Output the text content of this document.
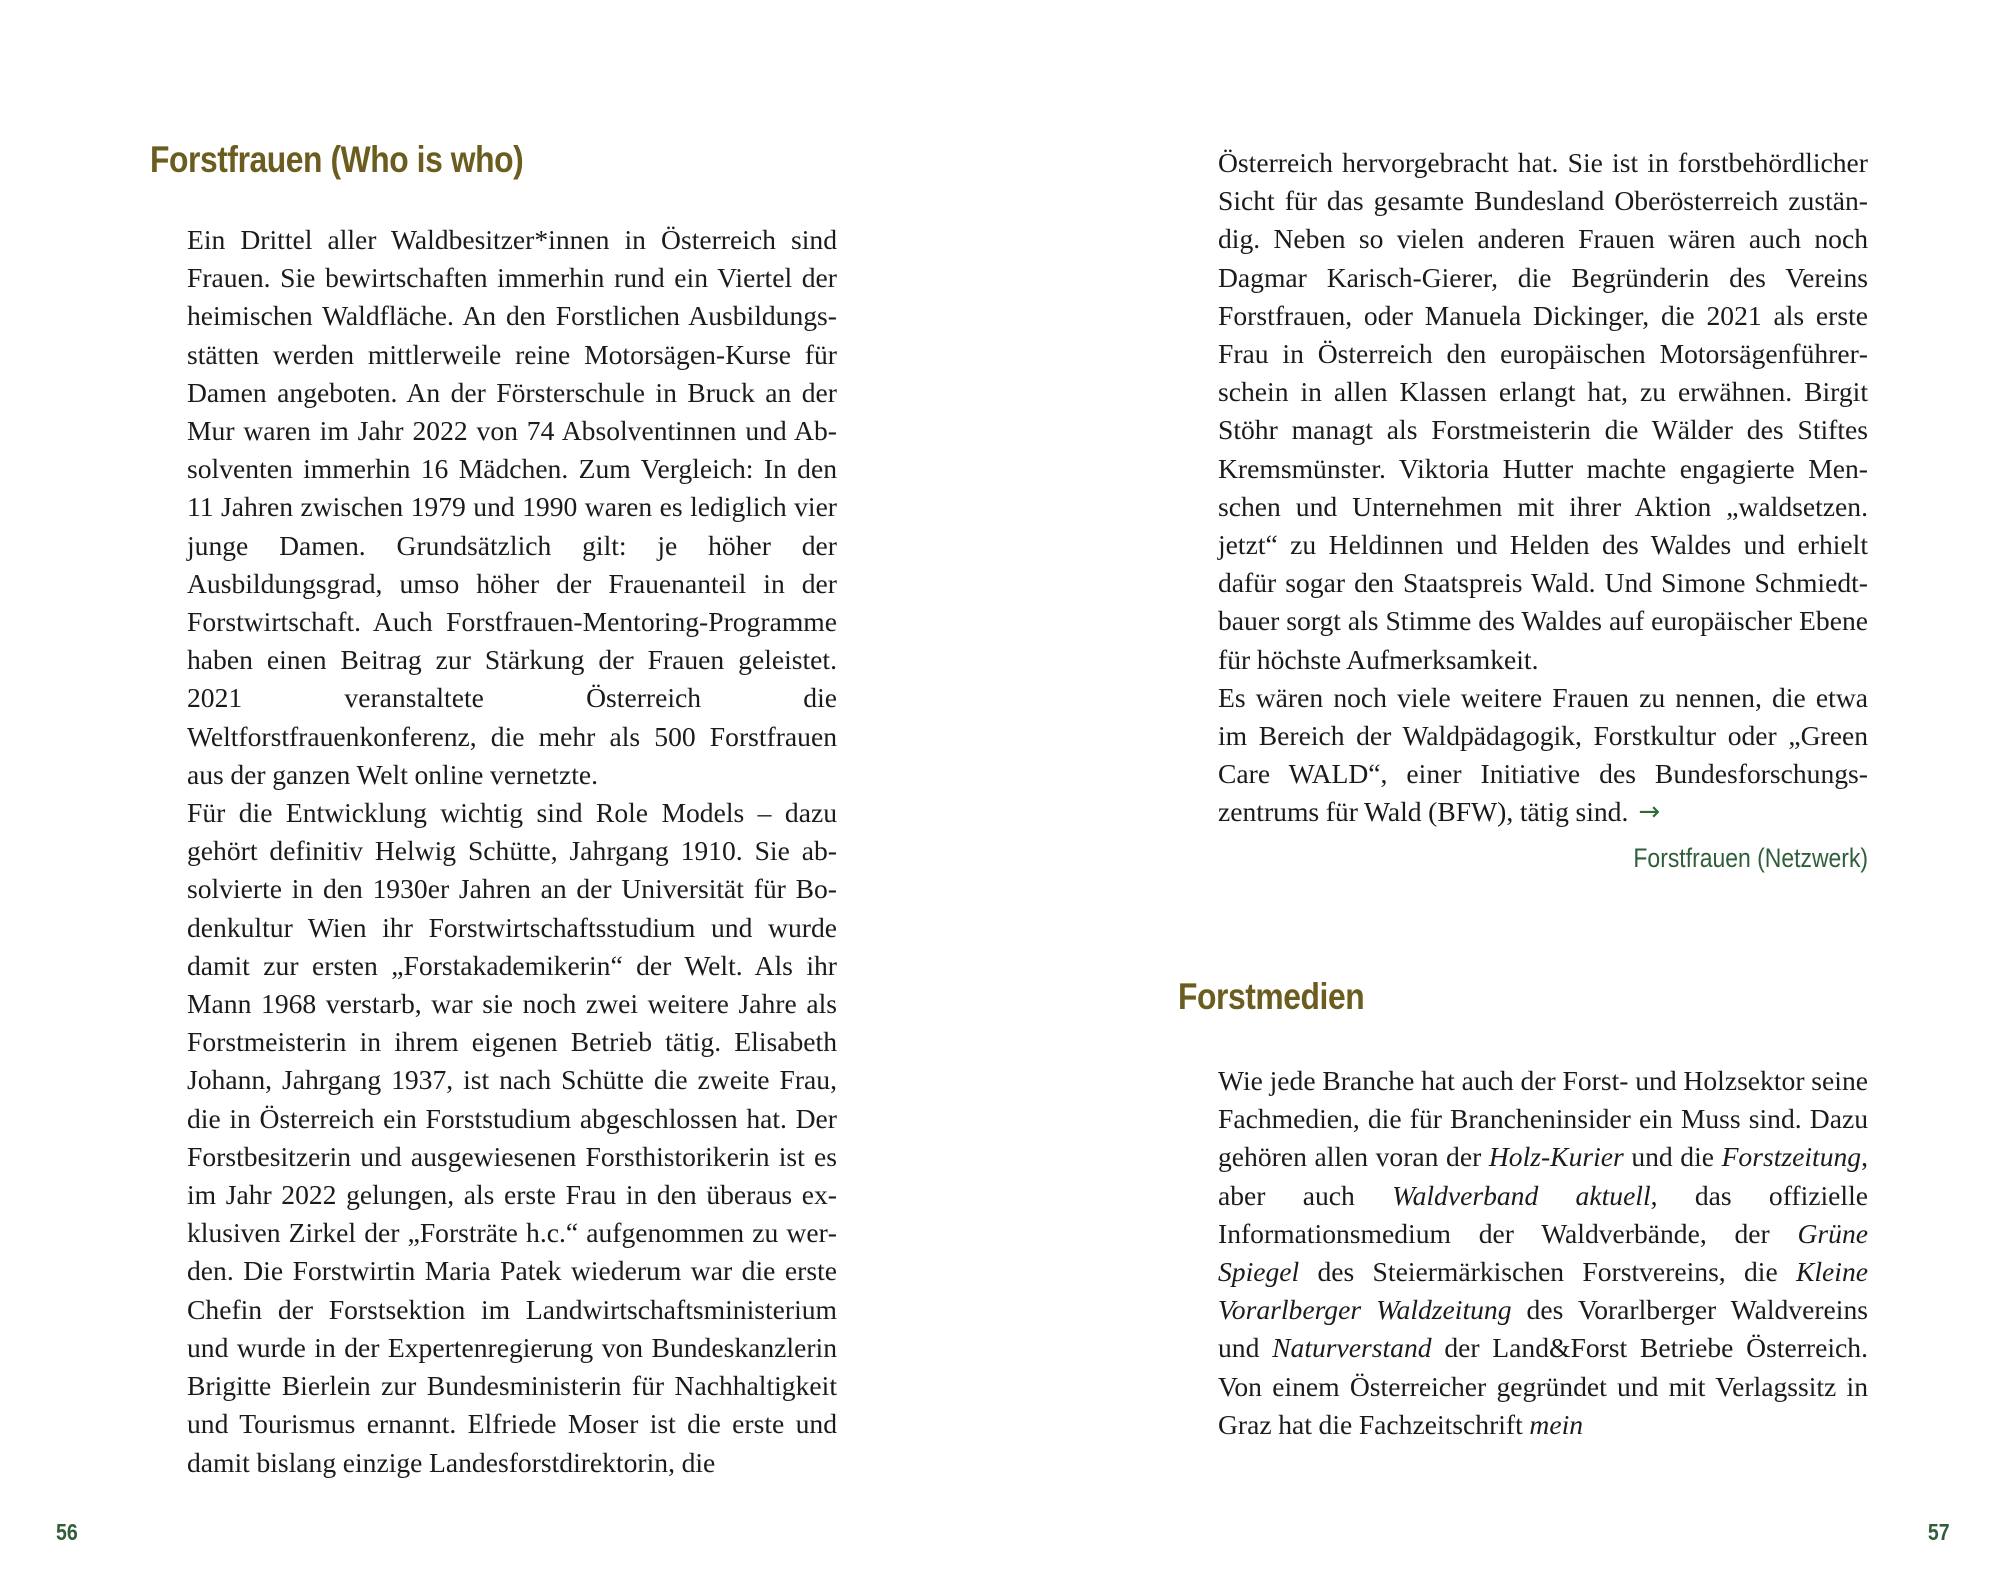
Forstfrauen (Who is who)

Ein Drittel aller Waldbesitzer*innen in Österreich sind Frauen. Sie bewirtschaften immerhin rund ein Viertel der heimischen Waldfläche. An den Forstlichen Ausbildungsstätten werden mittlerweile reine Motorsägen-Kurse für Damen angeboten. An der Försterschule in Bruck an der Mur waren im Jahr 2022 von 74 Absolventinnen und Absolventen immerhin 16 Mädchen. Zum Vergleich: In den 11 Jahren zwischen 1979 und 1990 waren es lediglich vier junge Damen. Grundsätzlich gilt: je höher der Ausbildungsgrad, umso höher der Frauenanteil in der Forstwirtschaft. Auch Forstfrauen-Mentoring-Programme haben einen Beitrag zur Stärkung der Frauen geleistet. 2021 veranstaltete Österreich die Weltforstfrauenkonferenz, die mehr als 500 Forstfrauen aus der ganzen Welt online vernetzte.

Für die Entwicklung wichtig sind Role Models – dazu gehört definitiv Helwig Schütte, Jahrgang 1910. Sie absolvierte in den 1930er Jahren an der Universität für Bodenkultur Wien ihr Forstwirtschaftsstudium und wurde damit zur ersten „Forstakademikerin“ der Welt. Als ihr Mann 1968 verstarb, war sie noch zwei weitere Jahre als Forstmeisterin in ihrem eigenen Betrieb tätig. Elisabeth Johann, Jahrgang 1937, ist nach Schütte die zweite Frau, die in Österreich ein Forststudium abgeschlossen hat. Der Forstbesitzerin und ausgewiesenen Forsthistorikerin ist es im Jahr 2022 gelungen, als erste Frau in den überaus exklusiven Zirkel der „Forsträte h.c.“ aufgenommen zu werden. Die Forstwirtin Maria Patek wiederum war die erste Chefin der Forstsektion im Landwirtschaftsministerium und wurde in der Expertenregierung von Bundeskanzlerin Brigitte Bierlein zur Bundesministerin für Nachhaltigkeit und Tourismus ernannt. Elfriede Moser ist die erste und damit bislang einzige Landesforstdirektorin, die

56

Österreich hervorgebracht hat. Sie ist in forstbehördlicher Sicht für das gesamte Bundesland Oberösterreich zuständig. Neben so vielen anderen Frauen wären auch noch Dagmar Karisch-Gierer, die Begründerin des Vereins Forstfrauen, oder Manuela Dickinger, die 2021 als erste Frau in Österreich den europäischen Motorsägenführerschein in allen Klassen erlangt hat, zu erwähnen. Birgit Stöhr managt als Forstmeisterin die Wälder des Stiftes Kremsmünster. Viktoria Hutter machte engagierte Menschen und Unternehmen mit ihrer Aktion „waldsetzen. jetzt“ zu Heldinnen und Helden des Waldes und erhielt dafür sogar den Staatspreis Wald. Und Simone Schmiedtbauer sorgt als Stimme des Waldes auf europäischer Ebene für höchste Aufmerksamkeit.

Es wären noch viele weitere Frauen zu nennen, die etwa im Bereich der Waldpädagogik, Forstkultur oder „Green Care WALD“, einer Initiative des Bundesforschungszentrums für Wald (BFW), tätig sind. →

Forstfrauen (Netzwerk)
Forstmedien

Wie jede Branche hat auch der Forst- und Holzsektor seine Fachmedien, die für Brancheninsider ein Muss sind. Dazu gehören allen voran der Holz-Kurier und die Forstzeitung, aber auch Waldverband aktuell, das offizielle Informationsmedium der Waldverbände, der Grüne Spiegel des Steiermärkischen Forstvereins, die Kleine Vorarlberger Waldzeitung des Vorarlberger Waldvereins und Naturverstand der Land&Forst Betriebe Österreich. Von einem Österreicher gegründet und mit Verlagssitz in Graz hat die Fachzeitschrift mein

57
